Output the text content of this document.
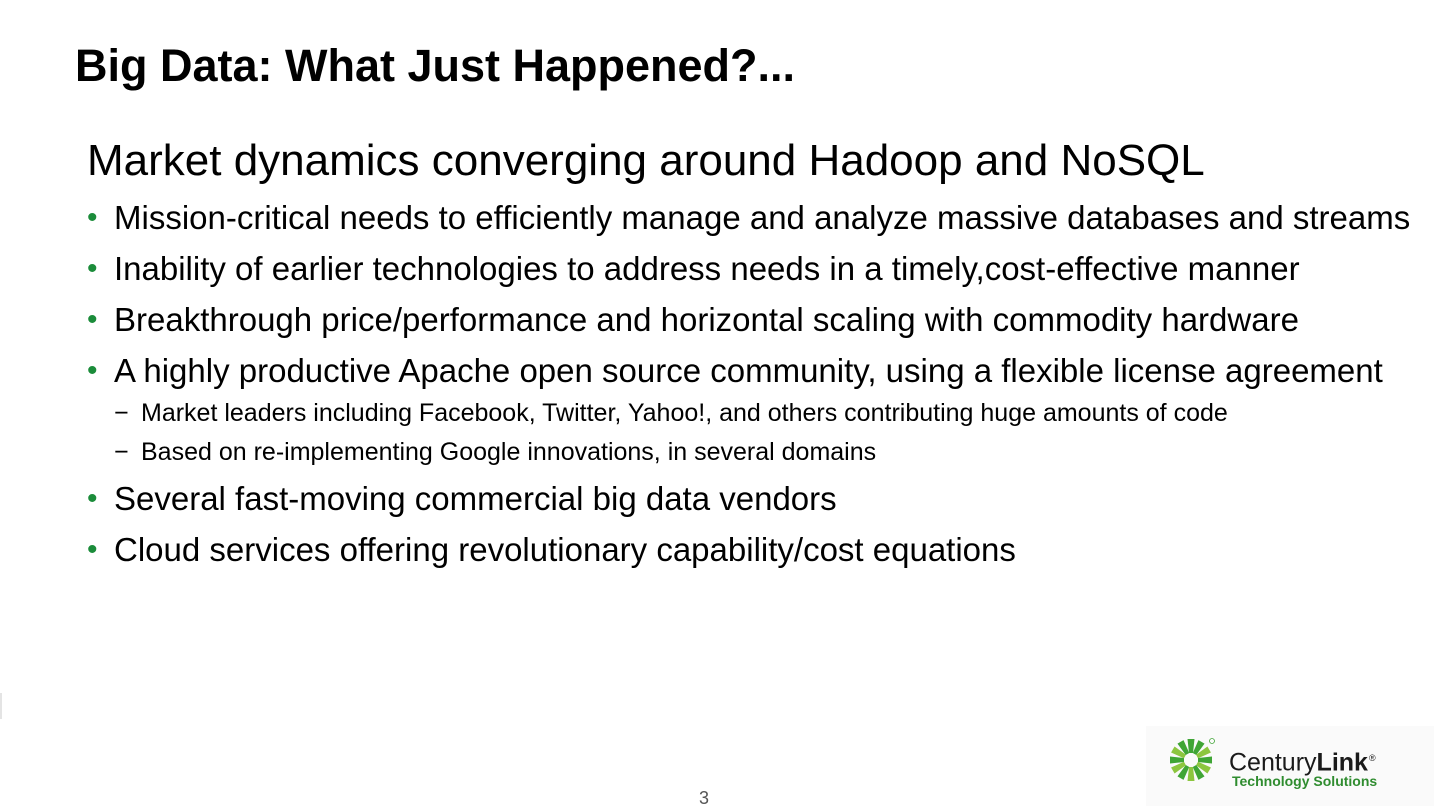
Big Data: What Just Happened?...
Market dynamics converging around Hadoop and NoSQL
• Mission-critical needs to efficiently manage and analyze massive databases and streams
• Inability of earlier technologies to address needs in a timely,cost-effective manner
• Breakthrough price/performance and horizontal scaling with commodity hardware
• A highly productive Apache open source community, using a flexible license agreement
− Market leaders including Facebook, Twitter, Yahoo!, and others contributing huge amounts of code
− Based on re-implementing Google innovations, in several domains
• Several fast-moving commercial big data vendors
• Cloud services offering revolutionary capability/cost equations
3
CenturyLink®
Technology Solutions
